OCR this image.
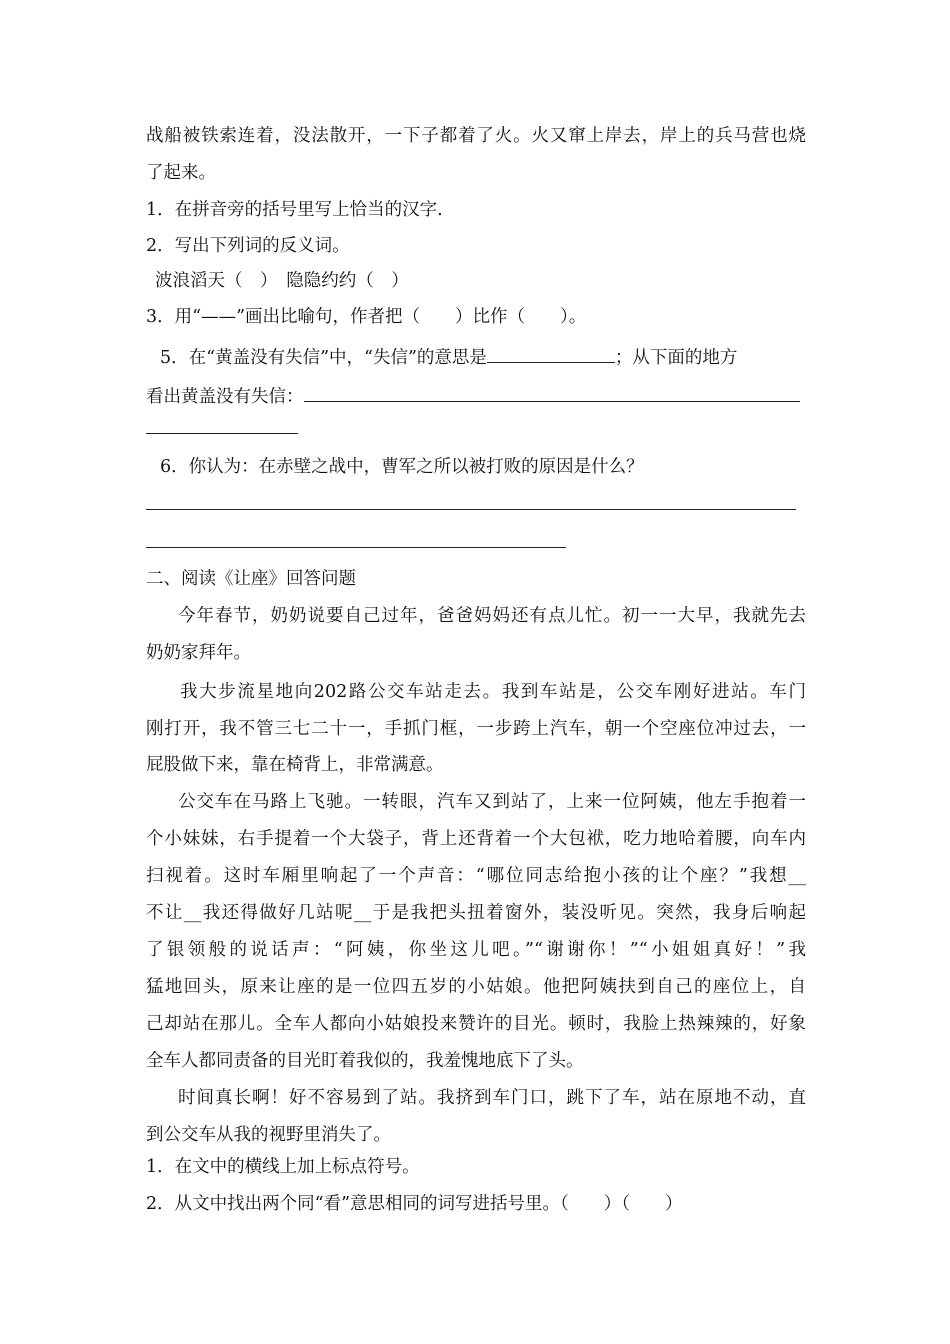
战船被铁索连着，没法散开，一下子都着了火。火又窜上岸去，岸上的兵马营也烧
了起来。
1．在拼音旁的括号里写上恰当的汉字.
2．写出下列词的反义词。
波浪滔天（　）　隐隐约约（　）
3．用“——”画出比喻句，作者把（　　）比作（　　）。
5．在“黄盖没有失信”中，“失信”的意思是	；从下面的地方
看出黄盖没有失信：
6．你认为：在赤壁之战中，曹军之所以被打败的原因是什么？
二、阅读《让座》回答问题
今年春节，奶奶说要自己过年，爸爸妈妈还有点儿忙。初一一大早，我就先去
奶奶家拜年。
我大步流星地向202路公交车站走去。我到车站是，公交车刚好进站。车门
刚打开，我不管三七二十一，手抓门框，一步跨上汽车，朝一个空座位冲过去，一
屁股做下来，靠在椅背上，非常满意。
公交车在马路上飞驰。一转眼，汽车又到站了，上来一位阿姨，他左手抱着一
个小妹妹，右手提着一个大袋子，背上还背着一个大包袱，吃力地哈着腰，向车内
扫视着。这时车厢里响起了一个声音：“哪位同志给抱小孩的让个座？”我想__
不让__我还得做好几站呢__于是我把头扭着窗外，装没听见。突然，我身后响起
了银领般的说话声：“阿姨，你坐这儿吧。”“谢谢你！”“小姐姐真好！”我
猛地回头，原来让座的是一位四五岁的小姑娘。他把阿姨扶到自己的座位上，自
己却站在那儿。全车人都向小姑娘投来赞许的目光。顿时，我脸上热辣辣的，好象
全车人都同责备的目光盯着我似的，我羞愧地底下了头。
时间真长啊！好不容易到了站。我挤到车门口，跳下了车，站在原地不动，直
到公交车从我的视野里消失了。
1．在文中的横线上加上标点符号。
2．从文中找出两个同“看”意思相同的词写进括号里。（　　）（　　）
